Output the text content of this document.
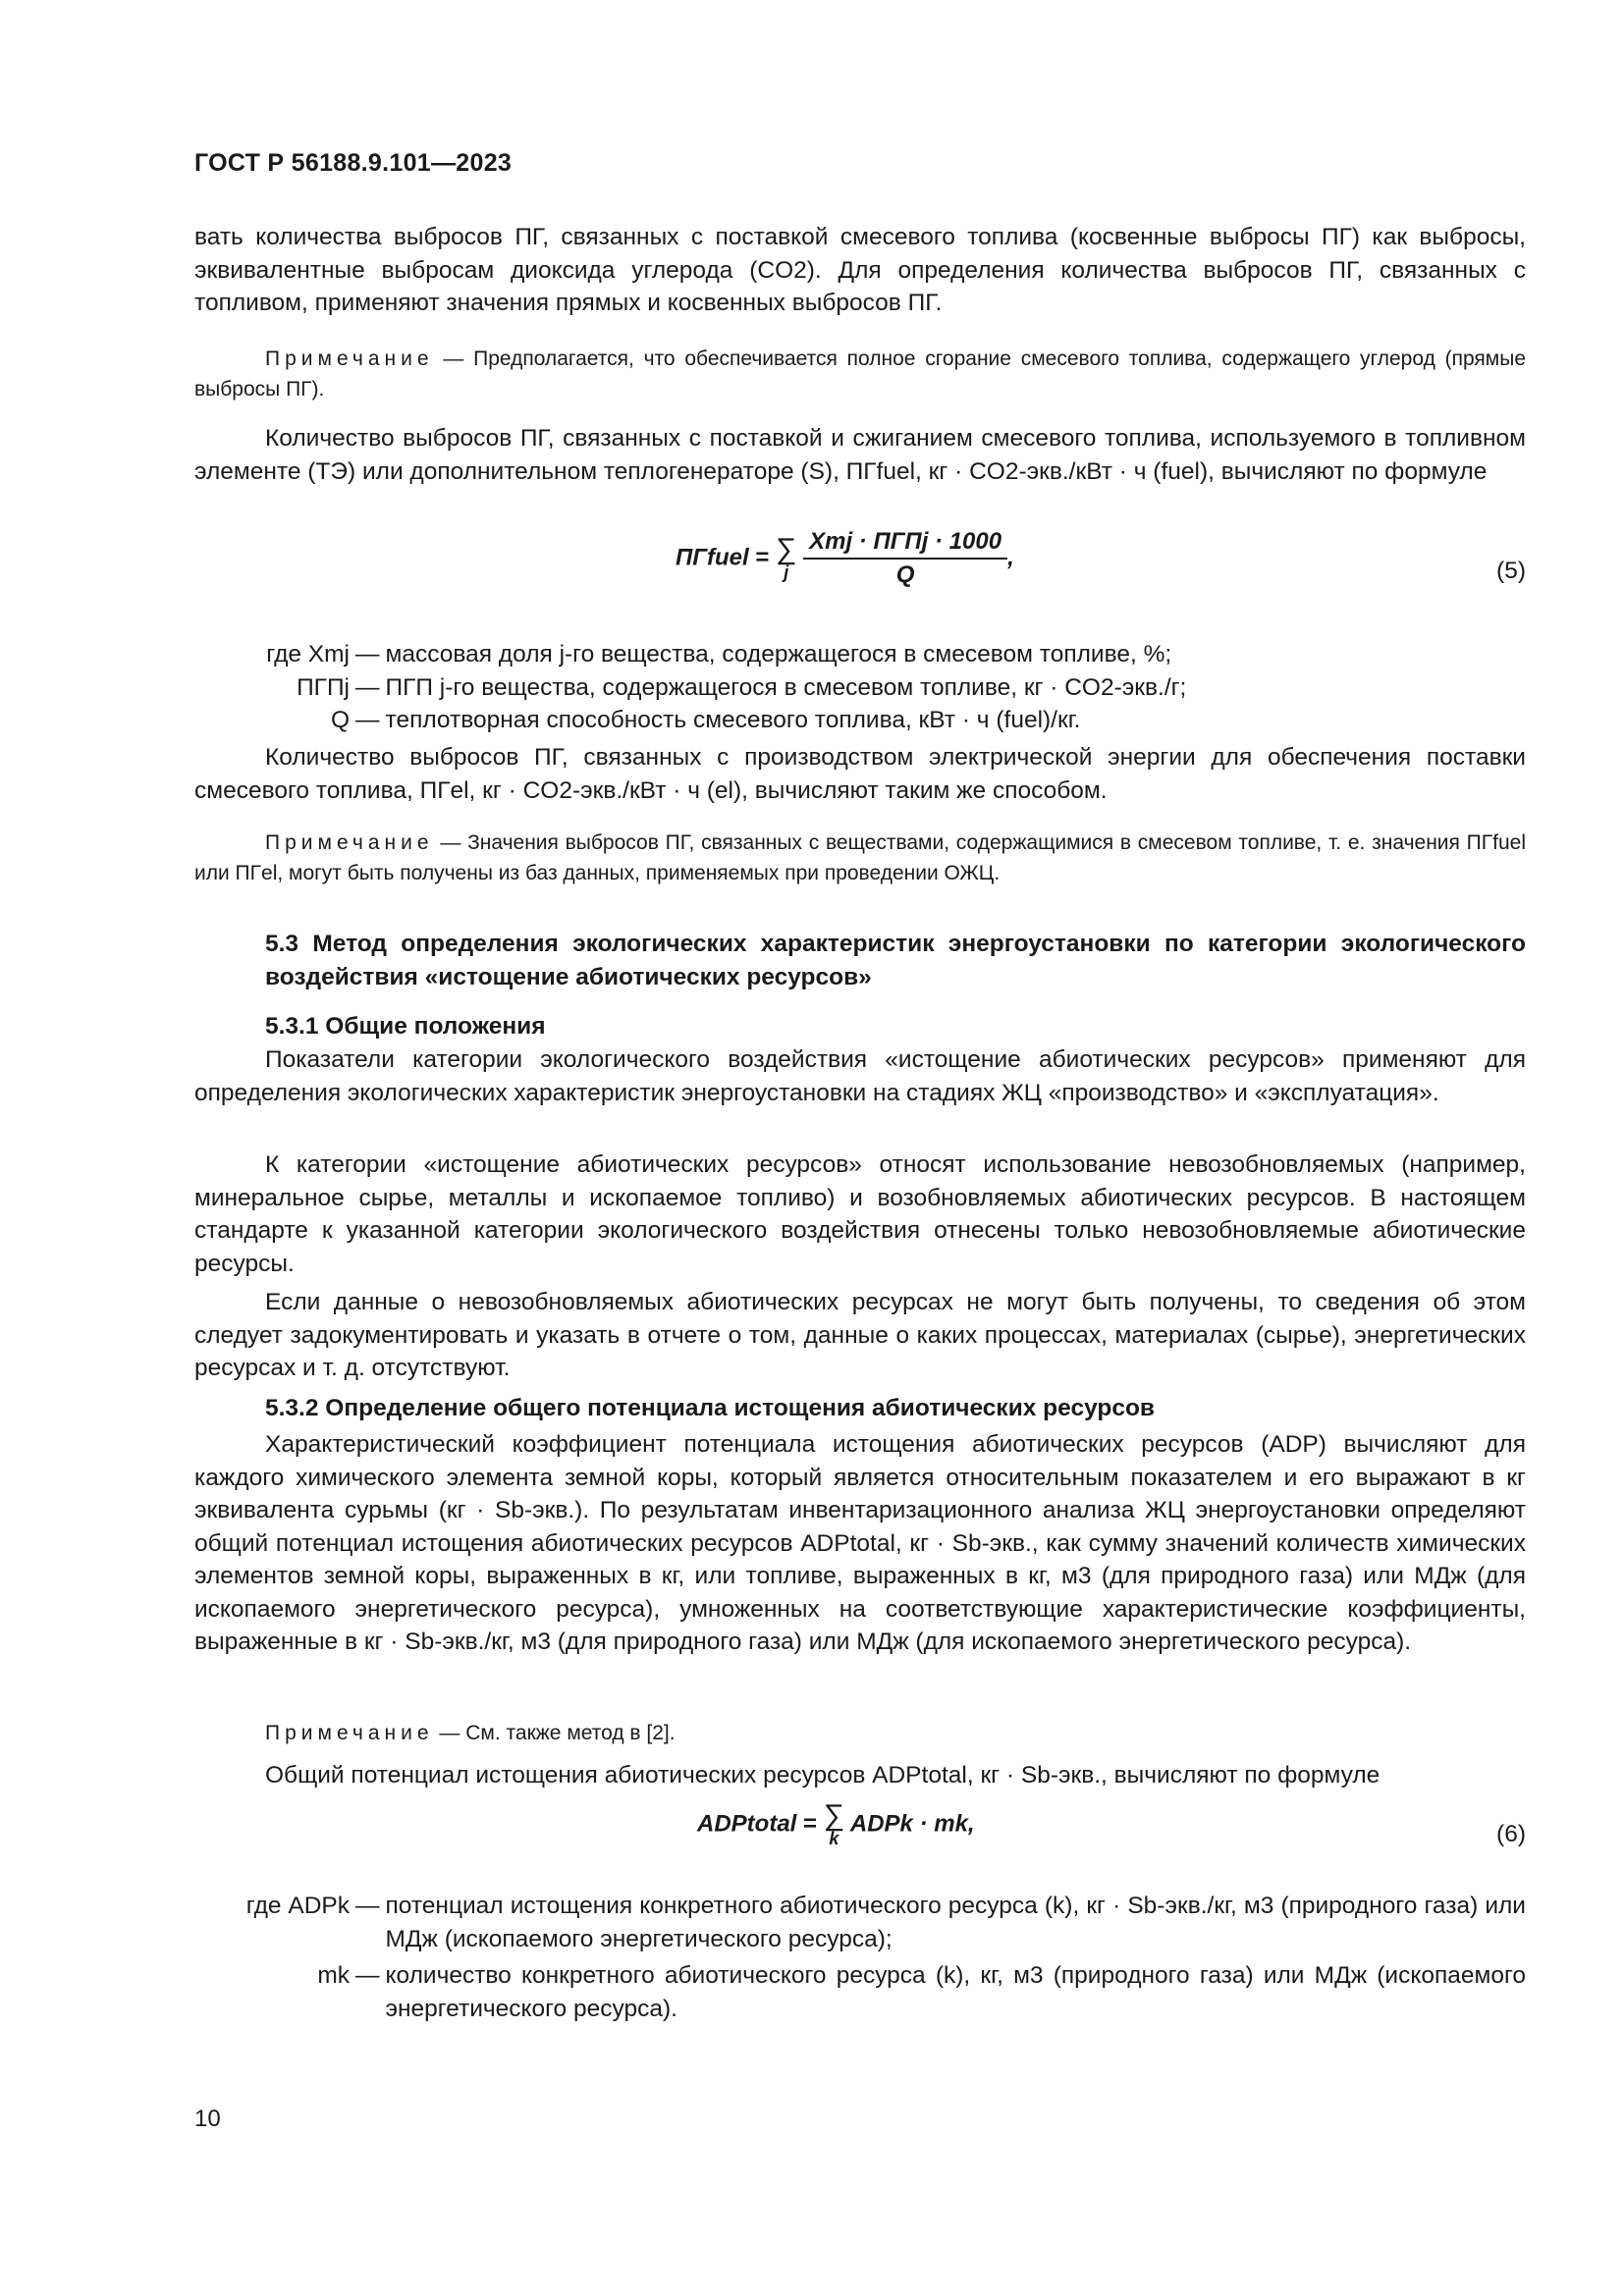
ГОСТ Р 56188.9.101—2023
вать количества выбросов ПГ, связанных с поставкой смесевого топлива (косвенные выбросы ПГ) как выбросы, эквивалентные выбросам диоксида углерода (CO2). Для определения количества выбросов ПГ, связанных с топливом, применяют значения прямых и косвенных выбросов ПГ.
Примечание — Предполагается, что обеспечивается полное сгорание смесевого топлива, содержащего углерод (прямые выбросы ПГ).
Количество выбросов ПГ, связанных с поставкой и сжиганием смесевого топлива, используемого в топливном элементе (ТЭ) или дополнительном теплогенераторе (S), ПГfuel, кг · CO2-экв./кВт · ч (fuel), вычисляют по формуле
ПГfuel = ∑
j
$\frac{\text{Xmj · ПГПj · 1000}}{Q}$ ,
(5)
где Xmj — массовая доля j-го вещества, содержащегося в смесевом топливе, %;
ПГПj — ПГП j-го вещества, содержащегося в смесевом топливе, кг · CO2-экв./г;
Q — теплотворная способность смесевого топлива, кВт · ч (fuel)/кг.
Количество выбросов ПГ, связанных с производством электрической энергии для обеспечения поставки смесевого топлива, ПГel, кг · CO2-экв./кВт · ч (el), вычисляют таким же способом.
Примечание — Значения выбросов ПГ, связанных с веществами, содержащимися в смесевом топливе, т. е. значения ПГfuel или ПГel, могут быть получены из баз данных, применяемых при проведении ОЖЦ.
5.3 Метод определения экологических характеристик энергоустановки по категории экологического воздействия «истощение абиотических ресурсов»
5.3.1 Общие положения
Показатели категории экологического воздействия «истощение абиотических ресурсов» применяют для определения экологических характеристик энергоустановки на стадиях ЖЦ «производство» и «эксплуатация».
К категории «истощение абиотических ресурсов» относят использование невозобновляемых (например, минеральное сырье, металлы и ископаемое топливо) и возобновляемых абиотических ресурсов. В настоящем стандарте к указанной категории экологического воздействия отнесены только невозобновляемые абиотические ресурсы.
Если данные о невозобновляемых абиотических ресурсах не могут быть получены, то сведения об этом следует задокументировать и указать в отчете о том, данные о каких процессах, материалах (сырье), энергетических ресурсах и т. д. отсутствуют.
5.3.2 Определение общего потенциала истощения абиотических ресурсов
Характеристический коэффициент потенциала истощения абиотических ресурсов (ADP) вычисляют для каждого химического элемента земной коры, который является относительным показателем и его выражают в кг эквивалента сурьмы (кг · Sb-экв.). По результатам инвентаризационного анализа ЖЦ энергоустановки определяют общий потенциал истощения абиотических ресурсов ADPtotal, кг · Sb-экв., как сумму значений количеств химических элементов земной коры, выраженных в кг, или топливе, выраженных в кг, м3 (для природного газа) или МДж (для ископаемого энергетического ресурса), умноженных на соответствующие характеристические коэффициенты, выраженные в кг · Sb-экв./кг, м3 (для природного газа) или МДж (для ископаемого энергетического ресурса).
Примечание — См. также метод в [2].
Общий потенциал истощения абиотических ресурсов ADPtotal, кг · Sb-экв., вычисляют по формуле
ADPtotal = ∑
k
ADPk · mk,	(6)
где ADPk — потенциал истощения конкретного абиотического ресурса (k), кг · Sb-экв./кг, м3 (природного газа) или МДж (ископаемого энергетического ресурса);
mk — количество конкретного абиотического ресурса (k), кг, м3 (природного газа) или МДж (ископаемого энергетического ресурса).
10
